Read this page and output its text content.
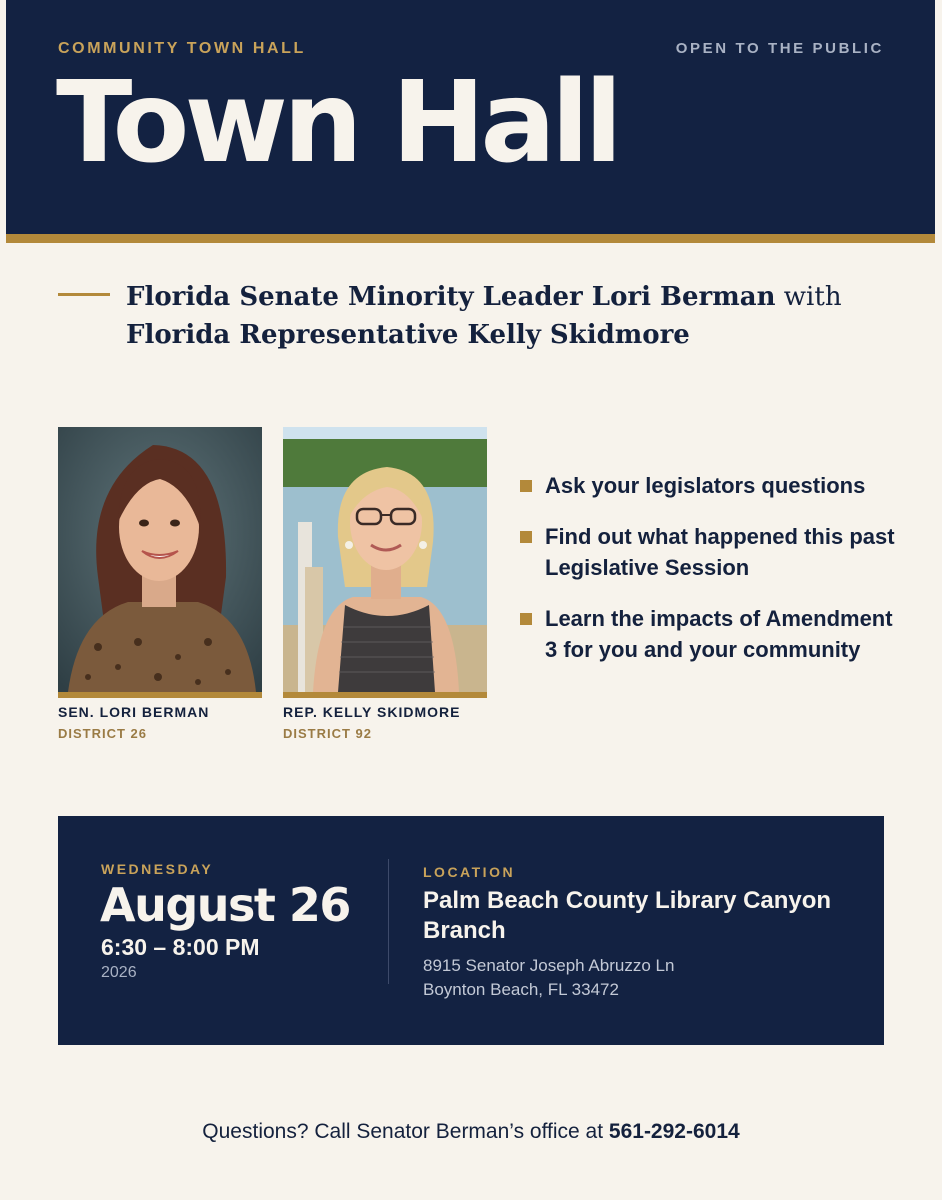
COMMUNITY TOWN HALL	OPEN TO THE PUBLIC
Town Hall
Florida Senate Minority Leader Lori Berman with
Florida Representative Kelly Skidmore
SEN. LORI BERMAN
DISTRICT 26
REP. KELLY SKIDMORE
DISTRICT 92
Ask your legislators questions
Find out what happened this past Legislative Session
Learn the impacts of Amendment 3 for you and your community
WEDNESDAY
August 26
6:30 – 8:00 PM
2026
LOCATION
Palm Beach County Library Canyon Branch
8915 Senator Joseph Abruzzo Ln
Boynton Beach, FL 33472
Questions? Call Senator Berman’s office at 561-292-6014
